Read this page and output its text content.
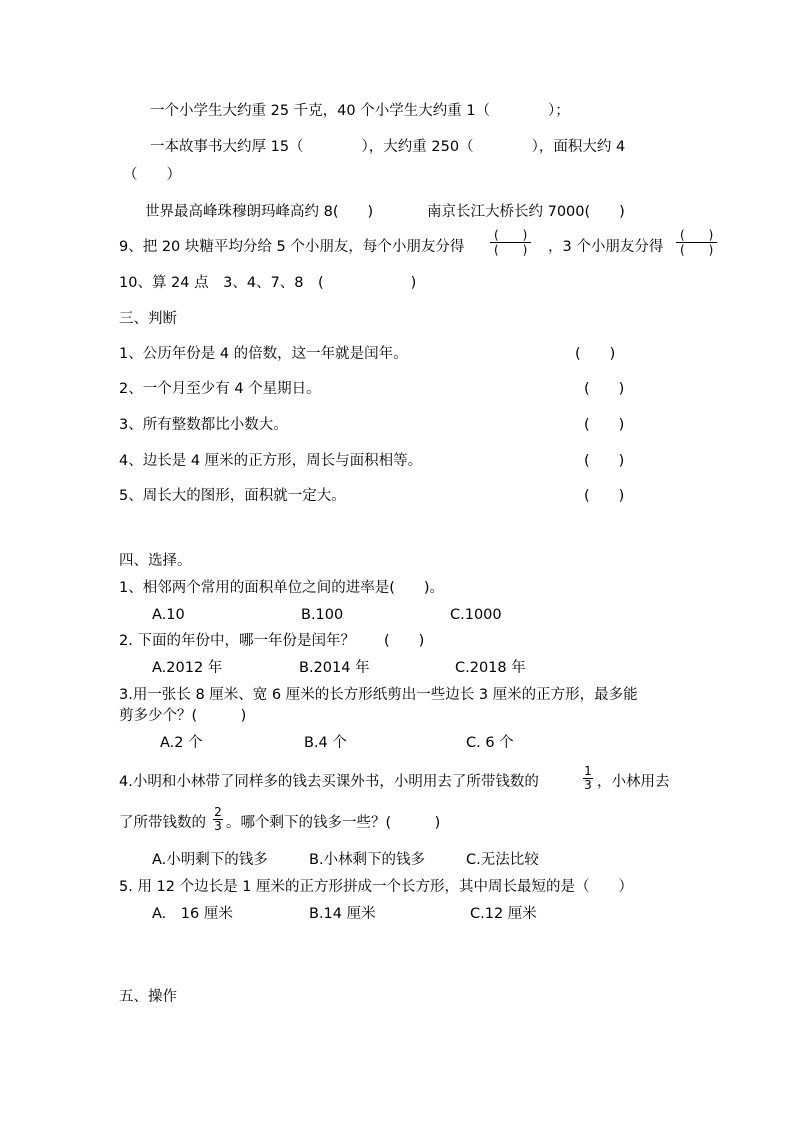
一个小学生大约重 25 千克，40 个小学生大约重 1（　　　　）；
一本故事书大约厚 15（　　　　），大约重 250（　　　　），面积大约 4
（　　）
世界最高峰珠穆朗玛峰高约 8(　　)	南京长江大桥长约 7000(　　)
9、把 20 块糖平均分给 5 个小朋友，每个小朋友分得
(　　)
(　　) ，3 个小朋友分得
(　　)
(　　)
10、算 24 点　3、4、7、8　(　　　　　　)
三、判断
1、公历年份是 4 的倍数，这一年就是闰年。	(　　)
2、一个月至少有 4 个星期日。	(　　)
3、所有整数都比小数大。	(　　)
4、边长是 4 厘米的正方形，周长与面积相等。	(　　)
5、周长大的图形，面积就一定大。	(　　)
四、选择。
1、相邻两个常用的面积单位之间的进率是(　　)。
A.10	B.100	C.1000
2. 下面的年份中，哪一年份是闰年？　　(　　)
A.2012 年	B.2014 年	C.2018 年
3.用一张长 8 厘米、宽 6 厘米的长方形纸剪出一些边长 3 厘米的正方形，最多能
剪多少个？(　　　)
A.2 个	B.4 个	C. 6 个
4.小明和小林带了同样多的钱去买课外书，小明用去了所带钱数的
1
3 ，小林用去
了所带钱数的
2
3 。哪个剩下的钱多一些？(　　　)
A.小明剩下的钱多	B.小林剩下的钱多	C.无法比较
5. 用 12 个边长是 1 厘米的正方形拼成一个长方形，其中周长最短的是（　　）
A.　16 厘米	B.14 厘米	C.12 厘米
五、操作
